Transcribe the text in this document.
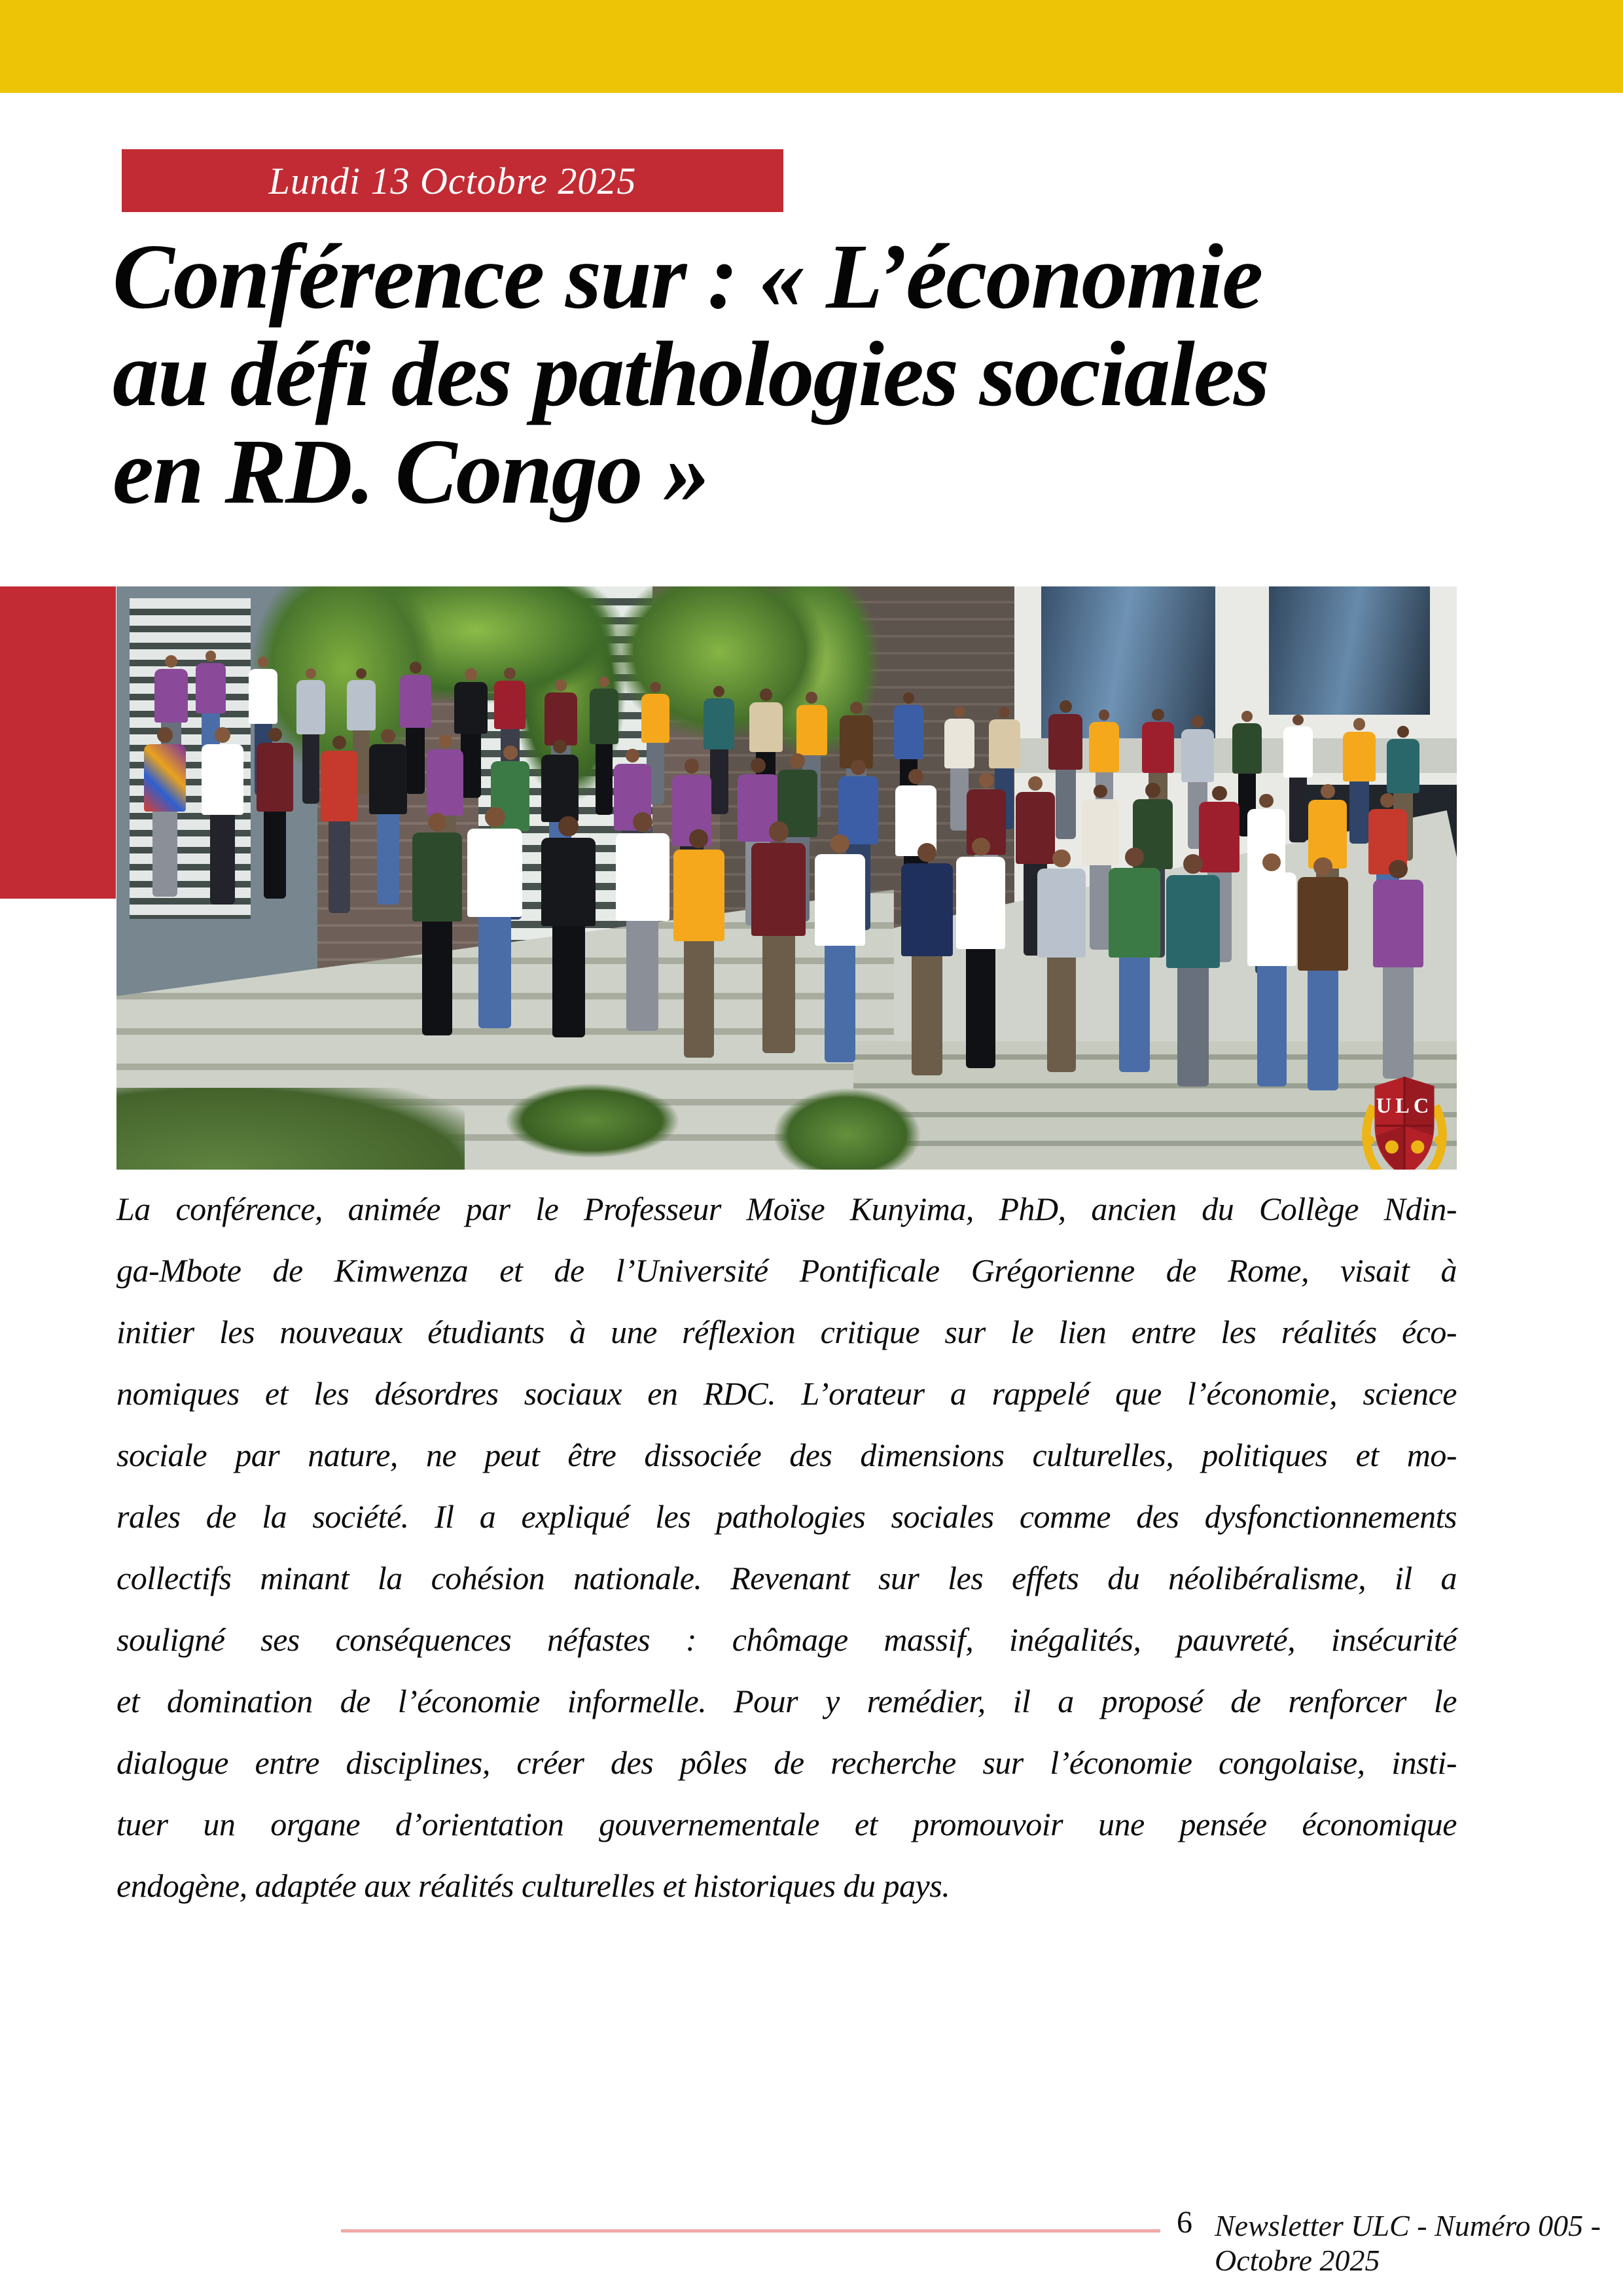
Lundi 13 Octobre 2025
Conférence sur : « L’économie
au défi des pathologies sociales
en RD. Congo »
ULC
La conférence, animée par le Professeur Moïse Kunyima, PhD, ancien du Collège Ndin-
ga-Mbote de Kimwenza et de l’Université Pontificale Grégorienne de Rome, visait à
initier les nouveaux étudiants à une réflexion critique sur le lien entre les réalités éco-
nomiques et les désordres sociaux en RDC. L’orateur a rappelé que l’économie, science
sociale par nature, ne peut être dissociée des dimensions culturelles, politiques et mo-
rales de la société. Il a expliqué les pathologies sociales comme des dysfonctionnements
collectifs minant la cohésion nationale. Revenant sur les effets du néolibéralisme, il a
souligné ses conséquences néfastes : chômage massif, inégalités, pauvreté, insécurité
et domination de l’économie informelle. Pour y remédier, il a proposé de renforcer le
dialogue entre disciplines, créer des pôles de recherche sur l’économie congolaise, insti-
tuer un organe d’orientation gouvernementale et promouvoir une pensée économique
endogène, adaptée aux réalités culturelles et historiques du pays.
6 Newsletter ULC - Numéro 005 - Octobre 2025
